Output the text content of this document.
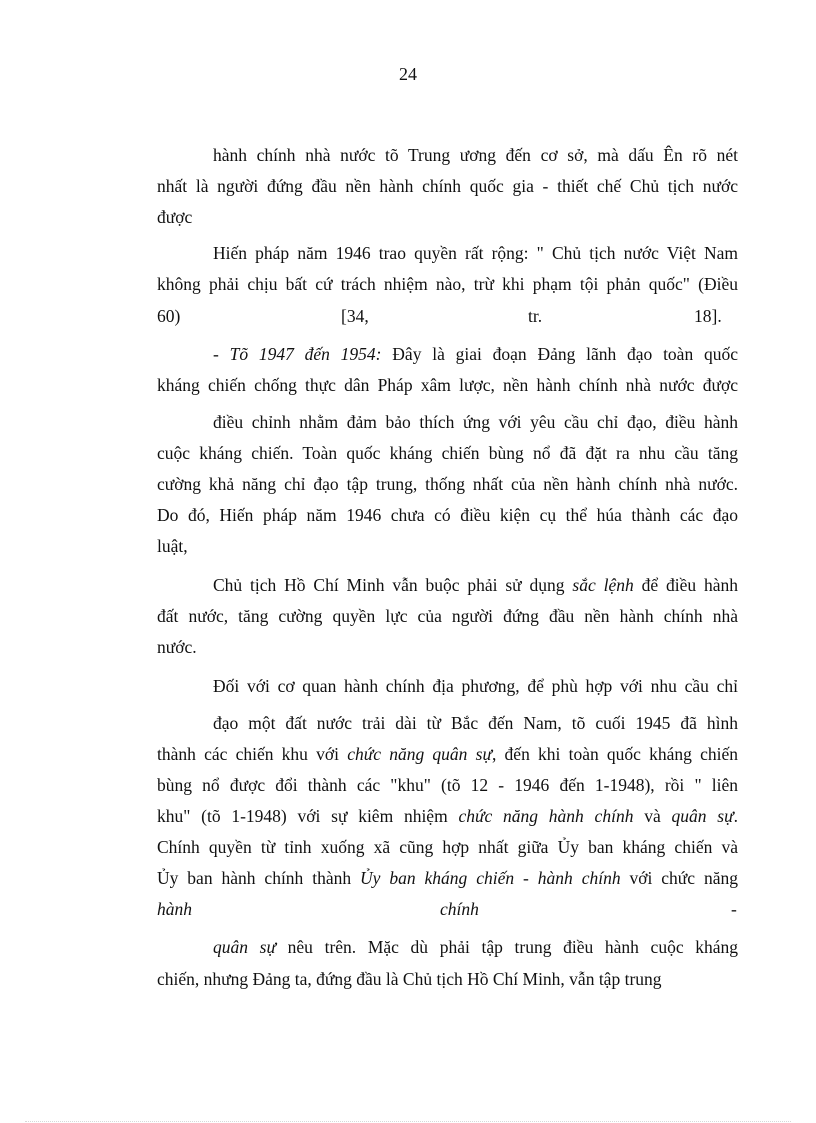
24
hành chính nhà nước tõ Trung ương đến cơ sở, mà dấu Ên rõ nét
nhất là người đứng đầu nền hành chính quốc gia - thiết chế Chủ tịch nước
được
Hiến pháp năm 1946 trao quyền rất rộng: " Chủ tịch nước Việt Nam
không phải chịu bất cứ trách nhiệm nào, trừ khi phạm tội phản quốc" (Điều
60)	[34,	tr.	18].
- Tõ 1947 đến 1954: Đây là giai đoạn Đảng lãnh đạo toàn quốc
kháng chiến chống thực dân Pháp xâm lược, nền hành chính nhà nước được
điều chỉnh nhằm đảm bảo thích ứng với yêu cầu chỉ đạo, điều hành
cuộc kháng chiến. Toàn quốc kháng chiến bùng nổ đã đặt ra nhu cầu tăng
cường khả năng chỉ đạo tập trung, thống nhất của nền hành chính nhà nước.
Do đó, Hiến pháp năm 1946 chưa có điều kiện cụ thể húa thành các đạo
luật,
Chủ tịch Hồ Chí Minh vẫn buộc phải sử dụng sắc lệnh để điều hành
đất nước, tăng cường quyền lực của người đứng đầu nền hành chính nhà
nước.
Đối với cơ quan hành chính địa phương, để phù hợp với nhu cầu chỉ
đạo một đất nước trải dài từ Bắc đến Nam, tõ cuối 1945 đã hình
thành các chiến khu với chức năng quân sự, đến khi toàn quốc kháng chiến
bùng nổ được đổi thành các "khu" (tõ 12 - 1946 đến 1-1948), rồi " liên
khu" (tõ 1-1948) với sự kiêm nhiệm chức năng hành chính và quân sự.
Chính quyền từ tỉnh xuống xã cũng hợp nhất giữa Ủy ban kháng chiến và
Ủy ban hành chính thành Ủy ban kháng chiến - hành chính với chức năng
hành	chính	-
quân sự nêu trên. Mặc dù phải tập trung điều hành cuộc kháng
chiến, nhưng Đảng ta, đứng đầu là Chủ tịch Hồ Chí Minh, vẫn tập trung
